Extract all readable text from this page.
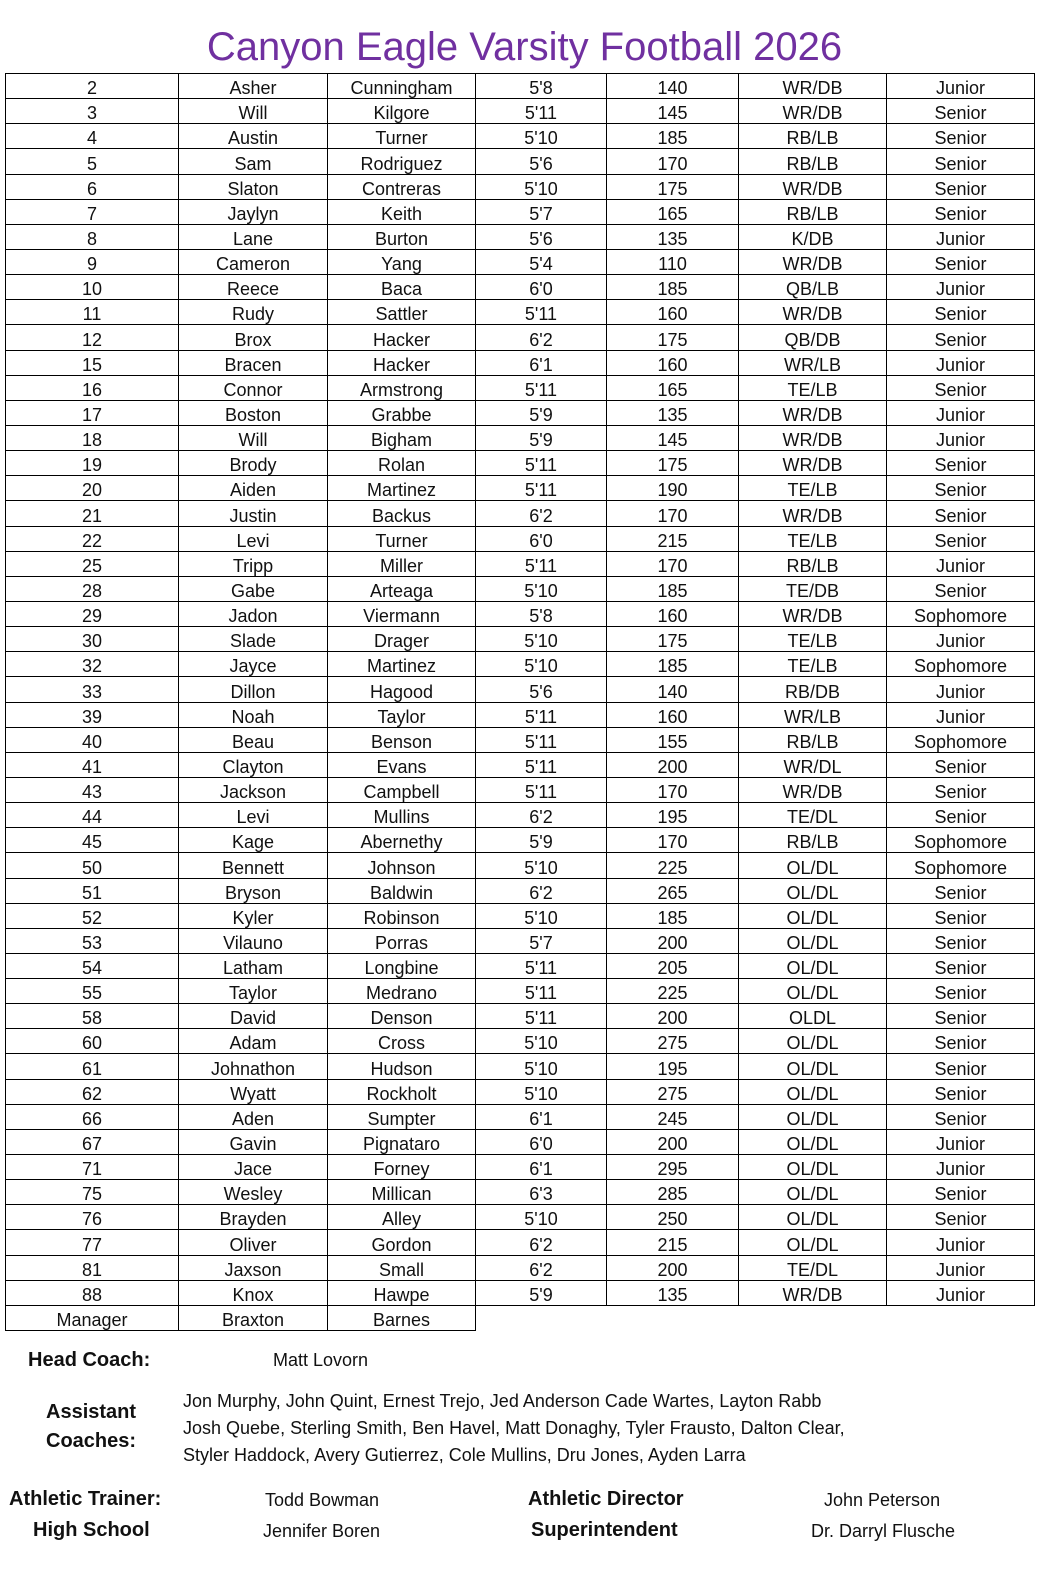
Canyon Eagle Varsity Football 2026
2	Asher	Cunningham	5'8	140	WR/DB	Junior
3	Will	Kilgore	5'11	145	WR/DB	Senior
4	Austin	Turner	5'10	185	RB/LB	Senior
5	Sam	Rodriguez	5'6	170	RB/LB	Senior
6	Slaton	Contreras	5'10	175	WR/DB	Senior
7	Jaylyn	Keith	5'7	165	RB/LB	Senior
8	Lane	Burton	5'6	135	K/DB	Junior
9	Cameron	Yang	5'4	110	WR/DB	Senior
10	Reece	Baca	6'0	185	QB/LB	Junior
11	Rudy	Sattler	5'11	160	WR/DB	Senior
12	Brox	Hacker	6'2	175	QB/DB	Senior
15	Bracen	Hacker	6'1	160	WR/LB	Junior
16	Connor	Armstrong	5'11	165	TE/LB	Senior
17	Boston	Grabbe	5'9	135	WR/DB	Junior
18	Will	Bigham	5'9	145	WR/DB	Junior
19	Brody	Rolan	5'11	175	WR/DB	Senior
20	Aiden	Martinez	5'11	190	TE/LB	Senior
21	Justin	Backus	6'2	170	WR/DB	Senior
22	Levi	Turner	6'0	215	TE/LB	Senior
25	Tripp	Miller	5'11	170	RB/LB	Junior
28	Gabe	Arteaga	5'10	185	TE/DB	Senior
29	Jadon	Viermann	5'8	160	WR/DB	Sophomore
30	Slade	Drager	5'10	175	TE/LB	Junior
32	Jayce	Martinez	5'10	185	TE/LB	Sophomore
33	Dillon	Hagood	5'6	140	RB/DB	Junior
39	Noah	Taylor	5'11	160	WR/LB	Junior
40	Beau	Benson	5'11	155	RB/LB	Sophomore
41	Clayton	Evans	5'11	200	WR/DL	Senior
43	Jackson	Campbell	5'11	170	WR/DB	Senior
44	Levi	Mullins	6'2	195	TE/DL	Senior
45	Kage	Abernethy	5'9	170	RB/LB	Sophomore
50	Bennett	Johnson	5'10	225	OL/DL	Sophomore
51	Bryson	Baldwin	6'2	265	OL/DL	Senior
52	Kyler	Robinson	5'10	185	OL/DL	Senior
53	Vilauno	Porras	5'7	200	OL/DL	Senior
54	Latham	Longbine	5'11	205	OL/DL	Senior
55	Taylor	Medrano	5'11	225	OL/DL	Senior
58	David	Denson	5'11	200	OLDL	Senior
60	Adam	Cross	5'10	275	OL/DL	Senior
61	Johnathon	Hudson	5'10	195	OL/DL	Senior
62	Wyatt	Rockholt	5'10	275	OL/DL	Senior
66	Aden	Sumpter	6'1	245	OL/DL	Senior
67	Gavin	Pignataro	6'0	200	OL/DL	Junior
71	Jace	Forney	6'1	295	OL/DL	Junior
75	Wesley	Millican	6'3	285	OL/DL	Senior
76	Brayden	Alley	5'10	250	OL/DL	Senior
77	Oliver	Gordon	6'2	215	OL/DL	Junior
81	Jaxson	Small	6'2	200	TE/DL	Junior
88	Knox	Hawpe	5'9	135	WR/DB	Junior
Manager	Braxton	Barnes				
Head Coach:	Matt Lovorn
Assistant
Coaches:
Jon Murphy, John Quint, Ernest Trejo, Jed Anderson Cade Wartes, Layton Rabb
Josh Quebe, Sterling Smith, Ben Havel, Matt Donaghy, Tyler Frausto, Dalton Clear,
Styler Haddock, Avery Gutierrez, Cole Mullins, Dru Jones, Ayden Larra
Athletic Trainer:	Todd Bowman	Athletic Director	John Peterson
High School	Jennifer Boren	Superintendent	Dr. Darryl Flusche
